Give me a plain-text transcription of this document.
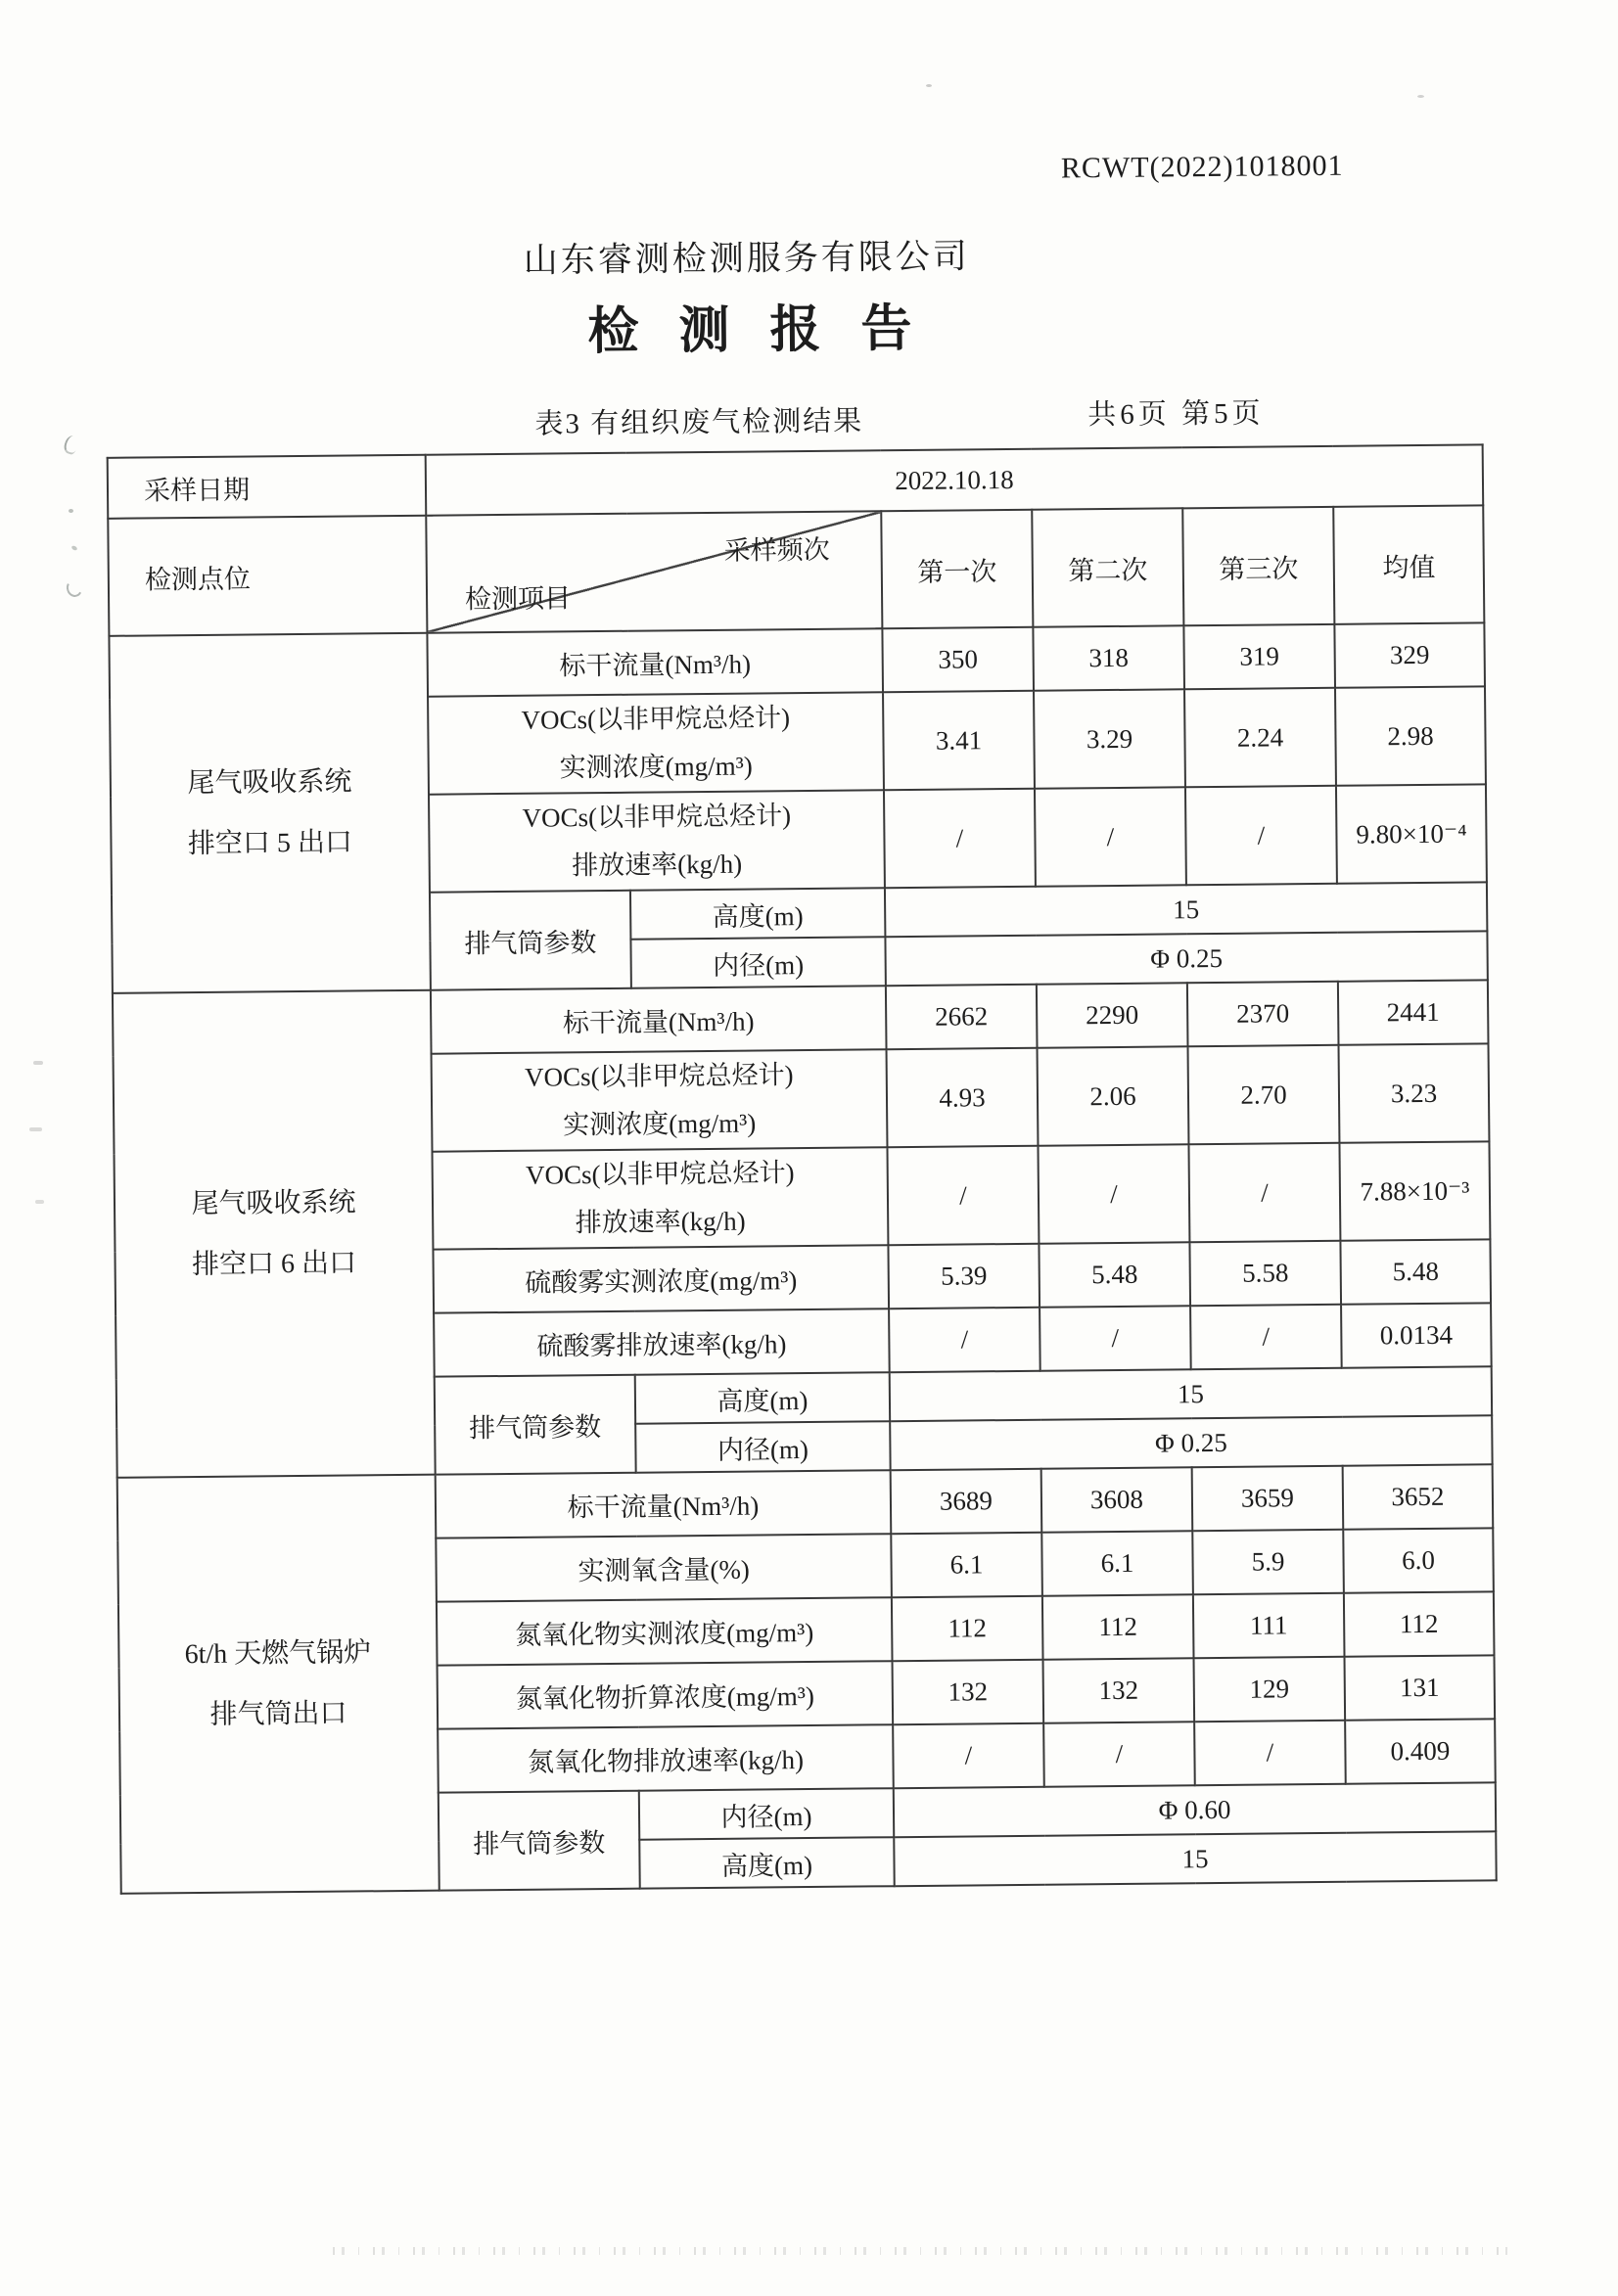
RCWT(2022)1018001
山东睿测检测服务有限公司
检 测 报 告
表3 有组织废气检测结果	共6页 第5页
采样日期	2022.10.18					
检测点位	采样频次
检测项目		第一次	第二次	第三次	均值
尾气吸收系统
排空口 5 出口	标干流量(Nm³/h)		350	318	319	329
	VOCs(以非甲烷总烃计)
实测浓度(mg/m³)		3.41	3.29	2.24	2.98
	VOCs(以非甲烷总烃计)
排放速率(kg/h)		/	/	/	9.80×10⁻⁴
	排气筒参数	高度(m)	15			
		内径(m)	Φ 0.25			
尾气吸收系统
排空口 6 出口	标干流量(Nm³/h)		2662	2290	2370	2441
	VOCs(以非甲烷总烃计)
实测浓度(mg/m³)		4.93	2.06	2.70	3.23
	VOCs(以非甲烷总烃计)
排放速率(kg/h)		/	/	/	7.88×10⁻³
	硫酸雾实测浓度(mg/m³)		5.39	5.48	5.58	5.48
	硫酸雾排放速率(kg/h)		/	/	/	0.0134
	排气筒参数	高度(m)	15			
		内径(m)	Φ 0.25			
6t/h 天燃气锅炉
排气筒出口	标干流量(Nm³/h)		3689	3608	3659	3652
	实测氧含量(%)		6.1	6.1	5.9	6.0
	氮氧化物实测浓度(mg/m³)		112	112	111	112
	氮氧化物折算浓度(mg/m³)		132	132	129	131
	氮氧化物排放速率(kg/h)		/	/	/	0.409
	排气筒参数	内径(m)	Φ 0.60			
		高度(m)	15			
